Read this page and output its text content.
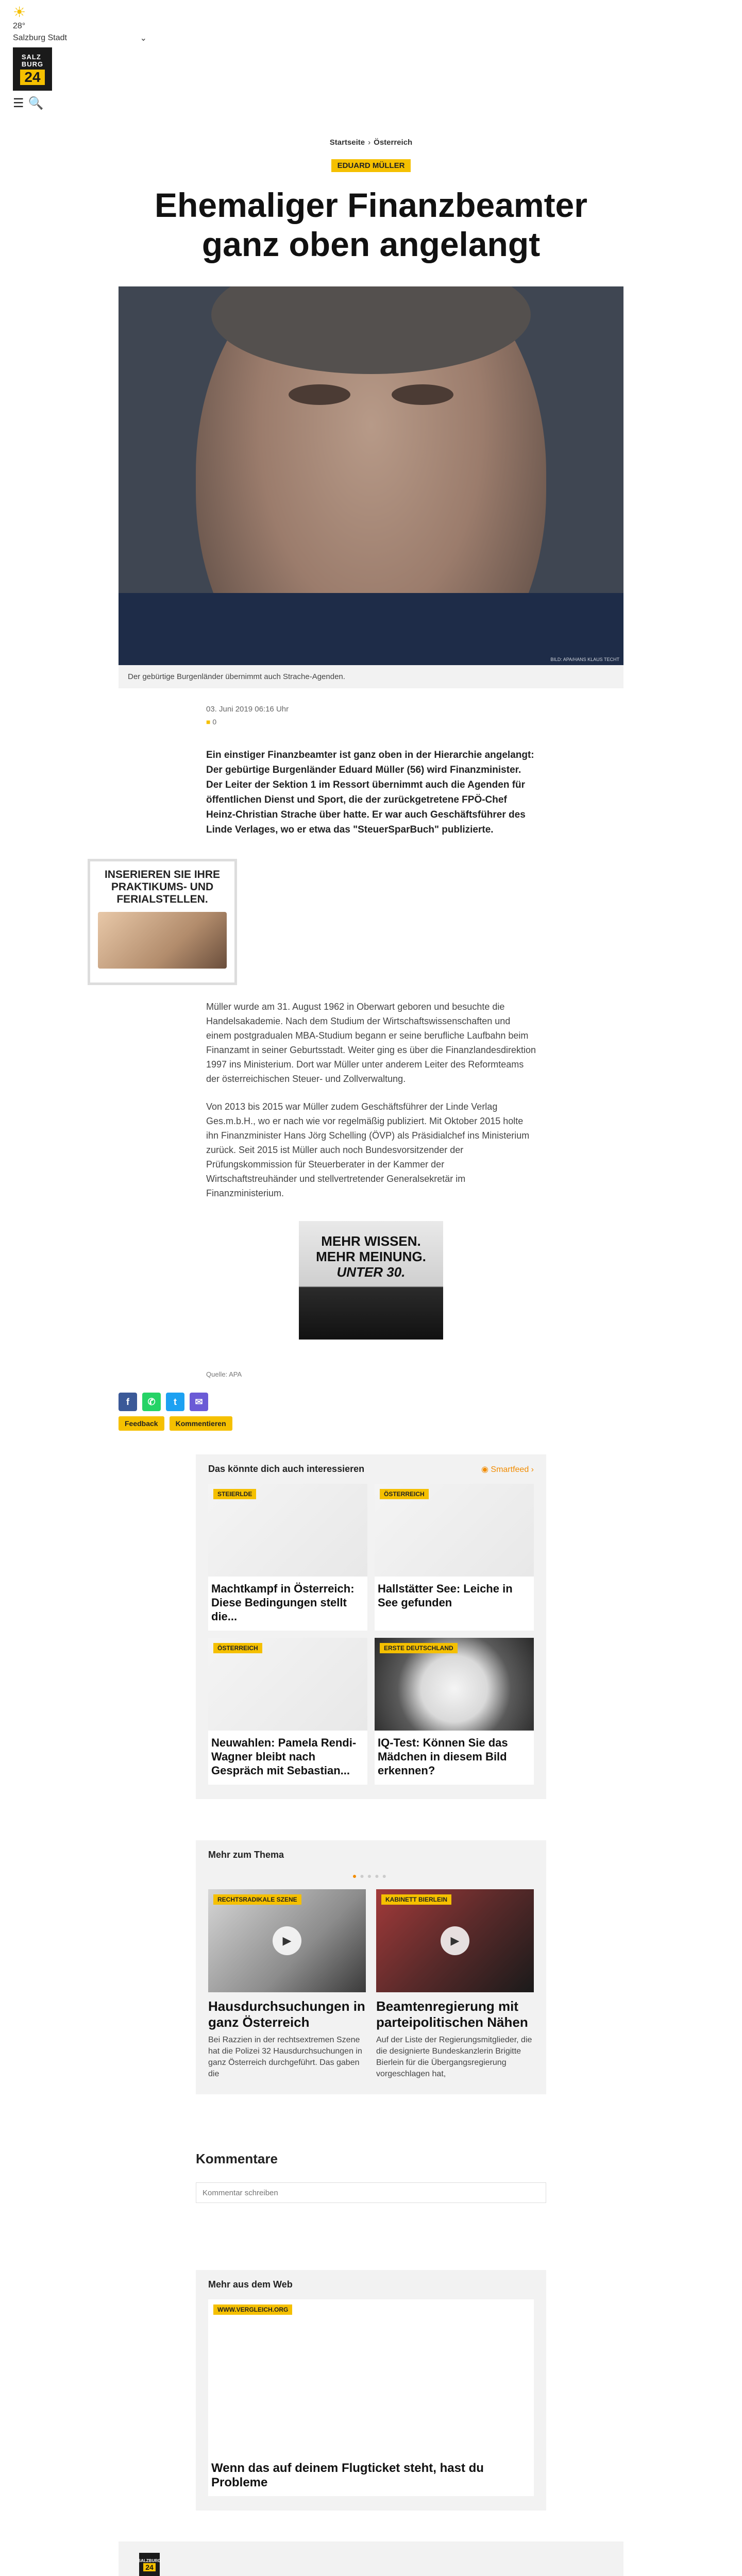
☀
28°
Salzburg Stadt	⌄
SALZ
BURG
24
☰ 🔍
Startseite › Österreich
EDUARD MÜLLER
Ehemaliger Finanzbeamter ganz oben angelangt
BILD: APA/HANS KLAUS TECHT
Der gebürtige Burgenländer übernimmt auch Strache-Agenden.
03. Juni 2019 06:16 Uhr
■ 0

Ein einstiger Finanzbeamter ist ganz oben in der Hierarchie angelangt: Der gebürtige Burgenländer Eduard Müller (56) wird Finanzminister. Der Leiter der Sektion 1 im Ressort übernimmt auch die Agenden für öffentlichen Dienst und Sport, die der zurückgetretene FPÖ-Chef Heinz-Christian Strache über hatte. Er war auch Geschäftsführer des Linde Verlages, wo er etwa das "SteuerSparBuch" publizierte.

INSERIEREN SIE IHRE PRAKTIKUMS- UND FERIALSTELLEN.

Müller wurde am 31. August 1962 in Oberwart geboren und besuchte die Handelsakademie. Nach dem Studium der Wirtschaftswissenschaften und einem postgradualen MBA-Studium begann er seine berufliche Laufbahn beim Finanzamt in seiner Geburtsstadt. Weiter ging es über die Finanzlandesdirektion 1997 ins Ministerium. Dort war Müller unter anderem Leiter des Reformteams der österreichischen Steuer- und Zollverwaltung.

Von 2013 bis 2015 war Müller zudem Geschäftsführer der Linde Verlag Ges.m.b.H., wo er nach wie vor regelmäßig publiziert. Mit Oktober 2015 holte ihn Finanzminister Hans Jörg Schelling (ÖVP) als Präsidialchef ins Ministerium zurück. Seit 2015 ist Müller auch noch Bundesvorsitzender der Prüfungskommission für Steuerberater in der Kammer der Wirtschaftstreuhänder und stellvertretender Generalsekretär im Finanzministerium.

MEHR WISSEN.
MEHR MEINUNG.
UNTER 30.
Quelle: APA
f	✆	t	✉
Feedback	Kommentieren
Das könnte dich auch interessieren	◉ Smartfeed ›
STEIERLDE
Machtkampf in Österreich: Diese Bedingungen stellt die...
ÖSTERREICH
Hallstätter See: Leiche in See gefunden
ÖSTERREICH
Neuwahlen: Pamela Rendi-Wagner bleibt nach Gespräch mit Sebastian...
ERSTE DEUTSCHLAND
IQ-Test: Können Sie das Mädchen in diesem Bild erkennen?
Mehr zum Thema
●●●●●
RECHTSRADIKALE SZENE
▶
Hausdurchsuchungen in ganz Österreich
Bei Razzien in der rechtsextremen Szene hat die Polizei 32 Hausdurchsuchungen in ganz Österreich durchgeführt. Das gaben die
KABINETT BIERLEIN
▶
Beamtenregierung mit parteipolitischen Nähen
Auf der Liste der Regierungsmitglieder, die die designierte Bundeskanzlerin Brigitte Bierlein für die Übergangsregierung vorgeschlagen hat,
Kommentare
Kommentar schreiben
Mehr aus dem Web
WWW.VERGLEICH.ORG
Wenn das auf deinem Flugticket steht, hast du Probleme
SALZBURG
24
